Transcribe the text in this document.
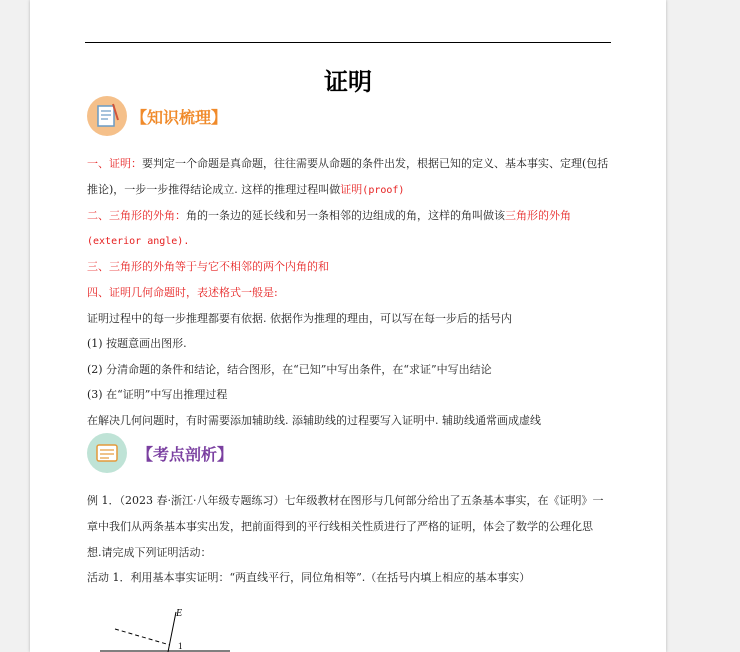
证明
【知识梳理】
一、证明：要判定一个命题是真命题，往往需要从命题的条件出发，根据已知的定义、基本事实、定理(包括
推论)，一步一步推得结论成立. 这样的推理过程叫做证明(proof)
二、三角形的外角：角的一条边的延长线和另一条相邻的边组成的角，这样的角叫做该三角形的外角
(exterior angle).
三、三角形的外角等于与它不相邻的两个内角的和
四、证明几何命题时，表述格式一般是:
证明过程中的每一步推理都要有依据. 依据作为推理的理由，可以写在每一步后的括号内
(1) 按题意画出图形.
(2) 分清命题的条件和结论，结合图形，在“已知”中写出条件，在“求证”中写出结论
(3) 在“证明”中写出推理过程
在解决几何问题时，有时需要添加辅助线. 添辅助线的过程要写入证明中. 辅助线通常画成虚线
【考点剖析】
例 1．（2023 春·浙江·八年级专题练习）七年级教材在图形与几何部分给出了五条基本事实，在《证明》一
章中我们从两条基本事实出发，把前面得到的平行线相关性质进行了严格的证明，体会了数学的公理化思
想.请完成下列证明活动：
活动 1．利用基本事实证明：“两直线平行，同位角相等”.（在括号内填上相应的基本事实）
E
1
